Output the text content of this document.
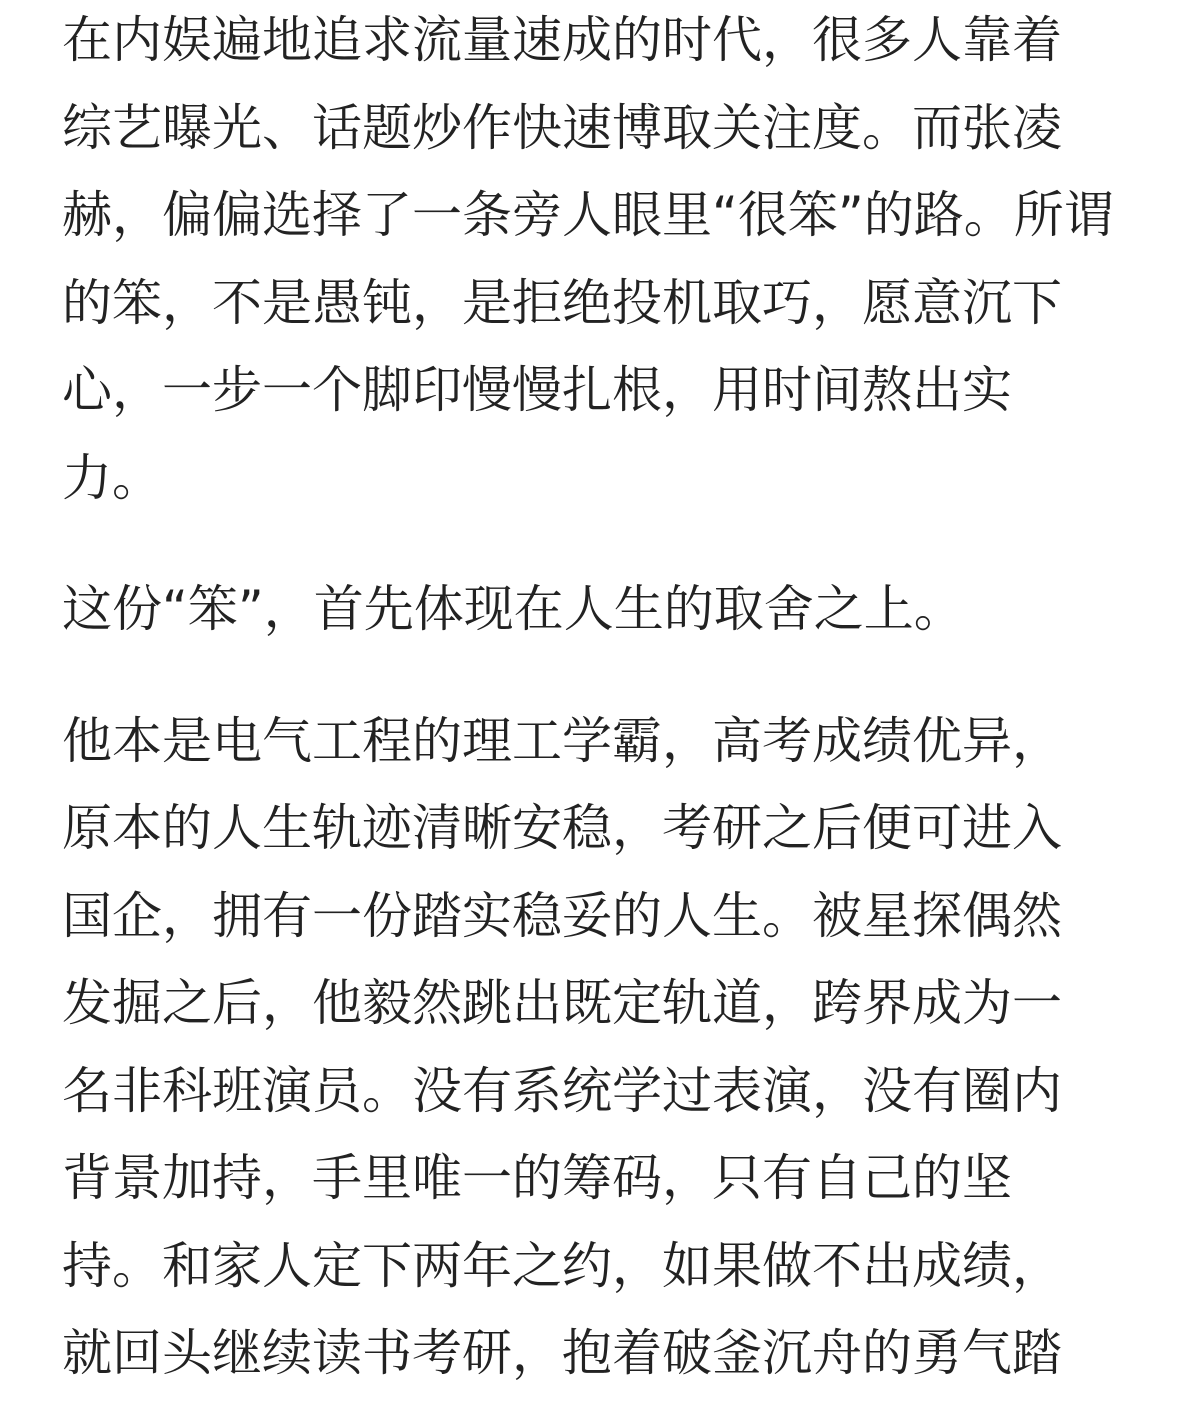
在内娱遍地追求流量速成的时代，很多人靠着
综艺曝光、话题炒作快速博取关注度。而张凌
赫，偏偏选择了一条旁人眼里“很笨”的路。所谓
的笨，不是愚钝，是拒绝投机取巧，愿意沉下
心，一步一个脚印慢慢扎根，用时间熬出实
力。
这份“笨”，首先体现在人生的取舍之上。
他本是电气工程的理工学霸，高考成绩优异，
原本的人生轨迹清晰安稳，考研之后便可进入
国企，拥有一份踏实稳妥的人生。被星探偶然
发掘之后，他毅然跳出既定轨道，跨界成为一
名非科班演员。没有系统学过表演，没有圈内
背景加持，手里唯一的筹码，只有自己的坚
持。和家人定下两年之约，如果做不出成绩，
就回头继续读书考研，抱着破釜沉舟的勇气踏
